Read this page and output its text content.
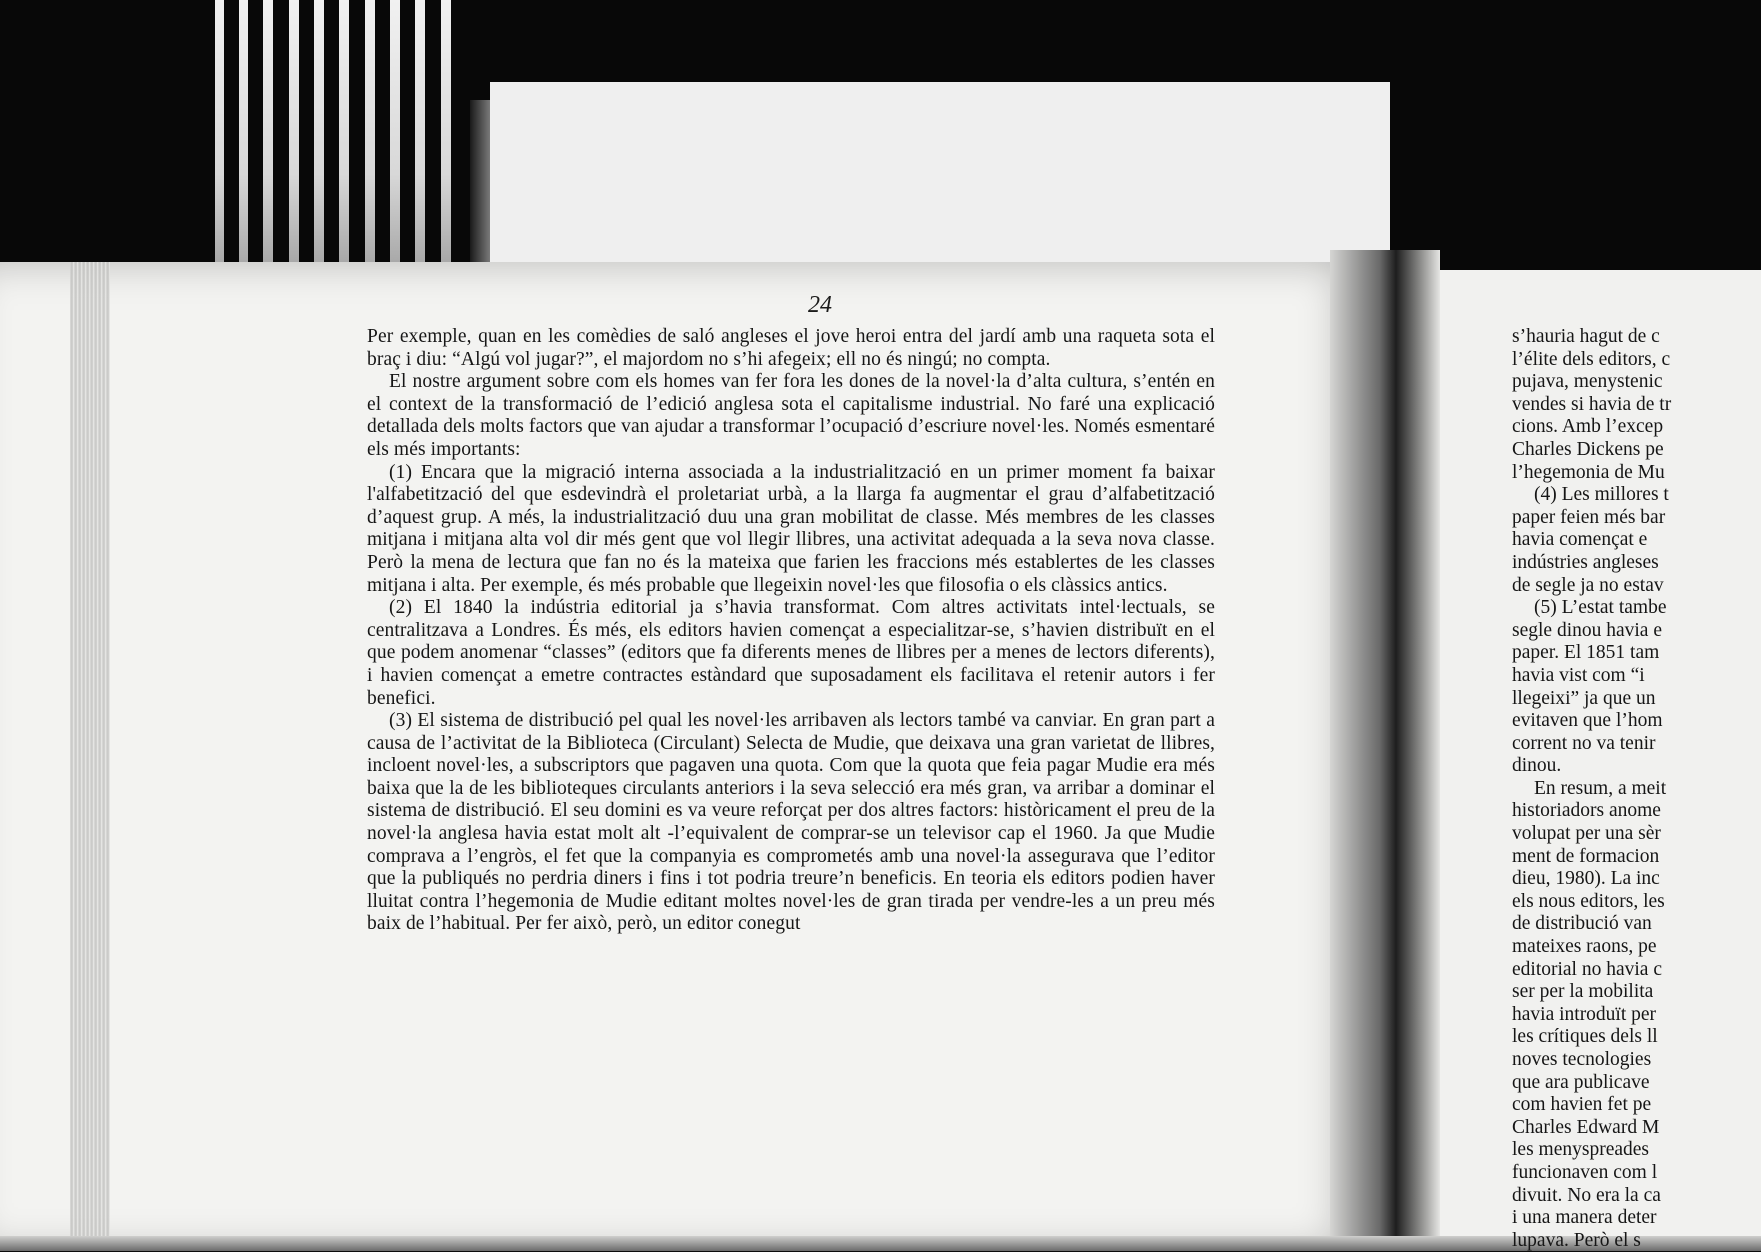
24

Per exemple, quan en les comèdies de saló angleses el jove heroi entra del jardí amb una raqueta sota el braç i diu: “Algú vol jugar?”, el majordom no s’hi afegeix; ell no és ningú; no compta.

El nostre argument sobre com els homes van fer fora les dones de la novel·la d’alta cultura, s’entén en el context de la transformació de l’edició anglesa sota el capitalisme industrial. No faré una explicació detallada dels molts factors que van ajudar a transformar l’ocupació d’escriure novel·les. Només esmentaré els més importants:

(1) Encara que la migració interna associada a la industrialització en un primer moment fa baixar l'alfabetització del que esdevindrà el proletariat urbà, a la llarga fa augmentar el grau d’alfabetització d’aquest grup. A més, la industrialització duu una gran mobilitat de classe. Més membres de les classes mitjana i mitjana alta vol dir més gent que vol llegir llibres, una activitat adequada a la seva nova classe. Però la mena de lectura que fan no és la mateixa que farien les fraccions més establertes de les classes mitjana i alta. Per exemple, és més probable que llegeixin novel·les que filosofia o els clàssics antics.

(2) El 1840 la indústria editorial ja s’havia transformat. Com altres activitats intel·lectuals, se centralitzava a Londres. És més, els editors havien començat a especialitzar-se, s’havien distribuït en el que podem anomenar “classes” (editors que fa diferents menes de llibres per a menes de lectors diferents), i havien començat a emetre contractes estàndard que suposadament els facilitava el retenir autors i fer benefici.

(3) El sistema de distribució pel qual les novel·les arribaven als lectors també va canviar. En gran part a causa de l’activitat de la Biblioteca (Circulant) Selecta de Mudie, que deixava una gran varietat de llibres, incloent novel·les, a subscriptors que pagaven una quota. Com que la quota que feia pagar Mudie era més baixa que la de les biblioteques circulants anteriors i la seva selecció era més gran, va arribar a dominar el sistema de distribució. El seu domini es va veure reforçat per dos altres factors: històricament el preu de la novel·la anglesa havia estat molt alt -l’equivalent de comprar-se un televisor cap el 1960. Ja que Mudie comprava a l’engròs, el fet que la companyia es comprometés amb una novel·la assegurava que l’editor que la publiqués no perdria diners i fins i tot podria treure’n beneficis. En teoria els editors podien haver lluitat contra l’hegemonia de Mudie editant moltes novel·les de gran tirada per vendre-les a un preu més baix de l’habitual. Per fer això, però, un editor conegut

s’hauria hagut de c
l’élite dels editors, c
pujava, menystenic
vendes si havia de tr
cions. Amb l’excep
Charles Dickens pe
l’hegemonia de Mu
(4) Les millores t
paper feien més bar
havia començat e
indústries angleses
de segle ja no estav
(5) L’estat tambe
segle dinou havia e
paper. El 1851 tam
havia vist com “i
llegeixi” ja que un
evitaven que l’hom
corrent no va tenir
dinou.
En resum, a meit
historiadors anome
volupat per una sèr
ment de formacion
dieu, 1980). La inc
els nous editors, les
de distribució van
mateixes raons, pe
editorial no havia c
ser per la mobilita
havia introduït per
les crítiques dels ll
noves tecnologies
que ara publicave
com havien fet pe
Charles Edward M
les menyspreades
funcionaven com l
divuit. No era la ca
i una manera deter
lupava. Però el s
